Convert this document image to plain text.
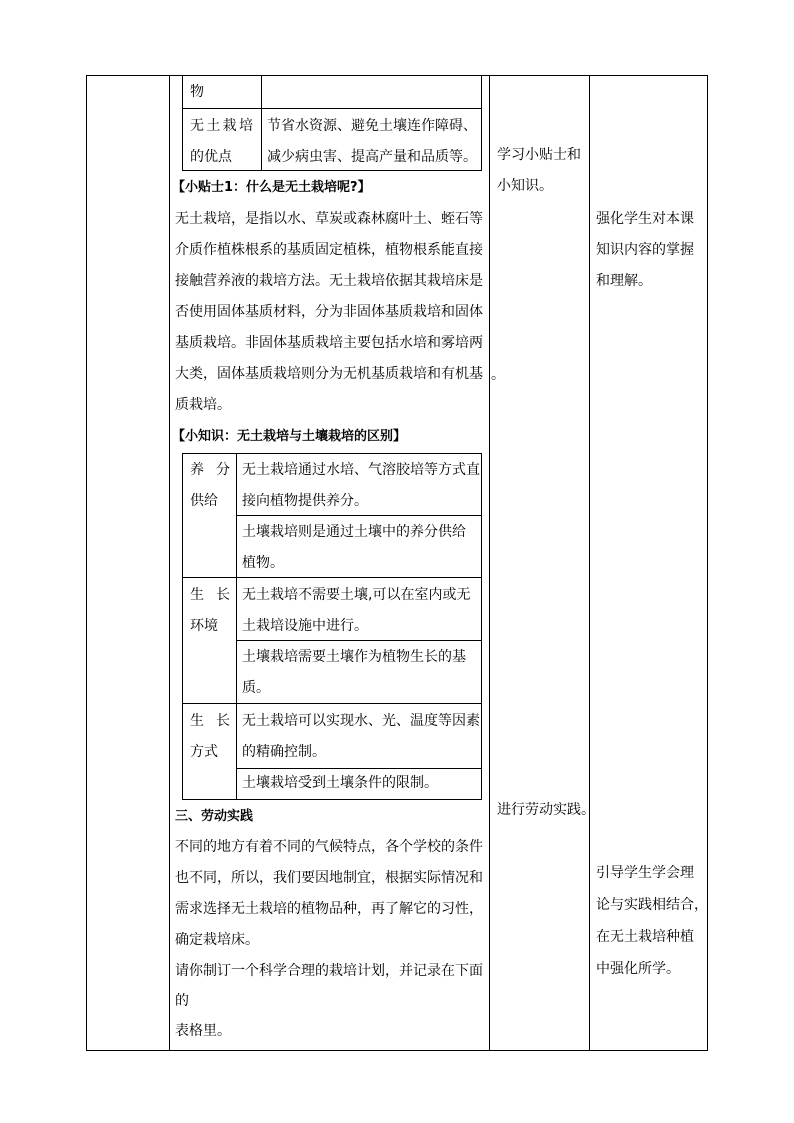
物
无土栽培
的优点
节省水资源、避免土壤连作障碍、
减少病虫害、提高产量和品质等。
【小贴士1：什么是无土栽培呢?】
无土栽培，是指以水、草炭或森林腐叶土、蛭石等
介质作植株根系的基质固定植株，植物根系能直接
接触营养液的栽培方法。无土栽培依据其栽培床是
否使用固体基质材料，分为非固体基质栽培和固体
基质栽培。非固体基质栽培主要包括水培和雾培两
大类，固体基质栽培则分为无机基质栽培和有机基
质栽培。
【小知识：无土栽培与土壤栽培的区别】
养 分
供给
无土栽培通过水培、气溶胶培等方式直
接向植物提供养分。
土壤栽培则是通过土壤中的养分供给
植物。
生 长
环境
无土栽培不需要土壤,可以在室内或无
土栽培设施中进行。
土壤栽培需要土壤作为植物生长的基
质。
生 长
方式
无土栽培可以实现水、光、温度等因素
的精确控制。
土壤栽培受到土壤条件的限制。
三、劳动实践
不同的地方有着不同的气候特点，各个学校的条件
也不同，所以，我们要因地制宜，根据实际情况和
需求选择无土栽培的植物品种，再了解它的习性，
确定栽培床。
请你制订一个科学合理的栽培计划，并记录在下面
的
表格里。
学习小贴士和
小知识。
。
进行劳动实践。
强化学生对本课
知识内容的掌握
和理解。
引导学生学会理
论与实践相结合，
在无土栽培种植
中强化所学。
